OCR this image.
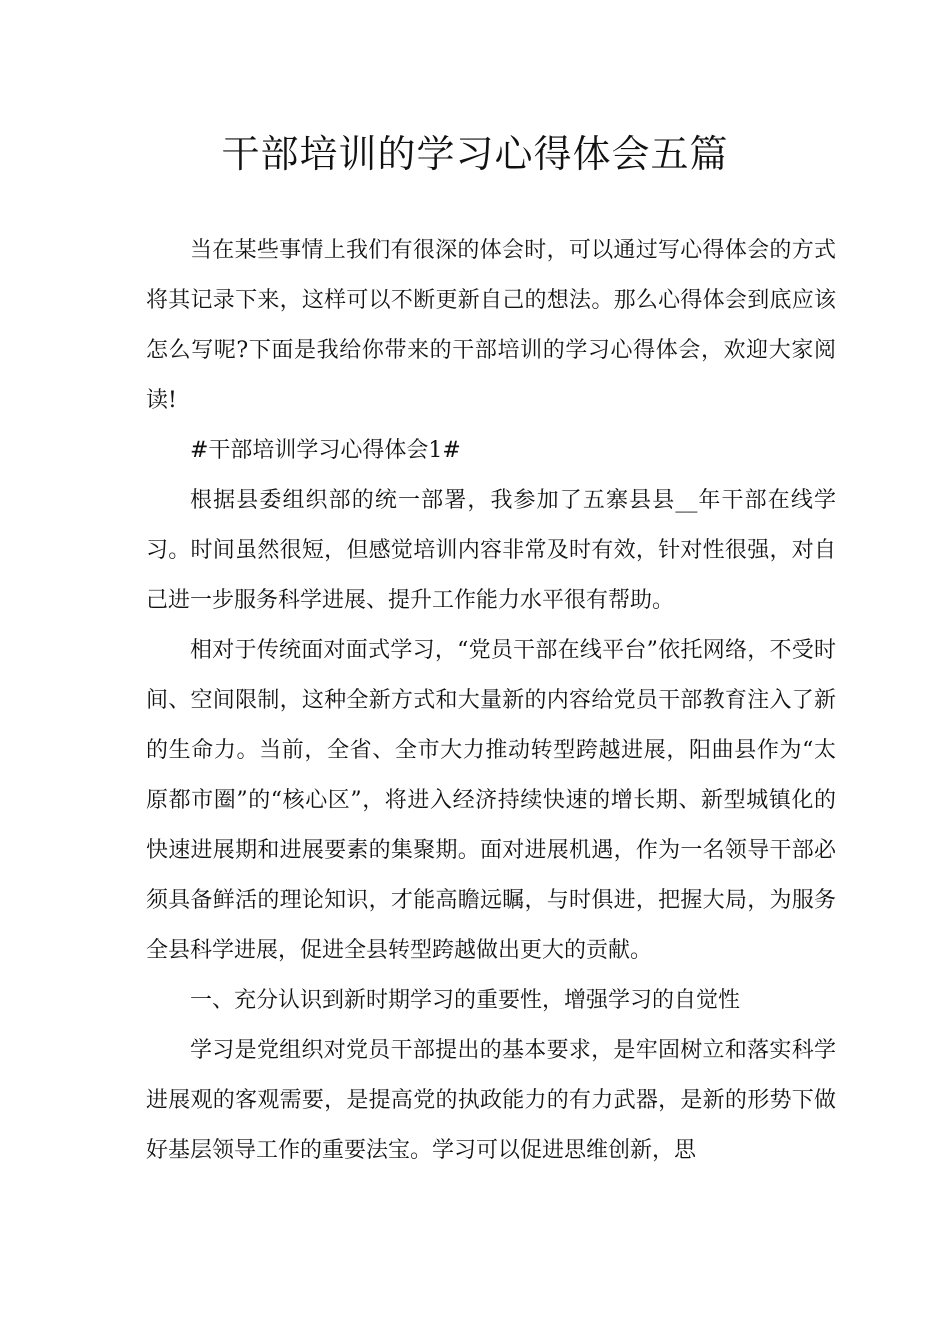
干部培训的学习心得体会五篇

当在某些事情上我们有很深的体会时，可以通过写心得体会的方式将其记录下来，这样可以不断更新自己的想法。那么心得体会到底应该怎么写呢?下面是我给你带来的干部培训的学习心得体会，欢迎大家阅读!

#干部培训学习心得体会1#

根据县委组织部的统一部署，我参加了五寨县县__年干部在线学习。时间虽然很短，但感觉培训内容非常及时有效，针对性很强，对自己进一步服务科学进展、提升工作能力水平很有帮助。

相对于传统面对面式学习，“党员干部在线平台”依托网络，不受时间、空间限制，这种全新方式和大量新的内容给党员干部教育注入了新的生命力。当前，全省、全市大力推动转型跨越进展，阳曲县作为“太原都市圈”的“核心区”，将进入经济持续快速的增长期、新型城镇化的快速进展期和进展要素的集聚期。面对进展机遇，作为一名领导干部必须具备鲜活的理论知识，才能高瞻远瞩，与时俱进，把握大局，为服务全县科学进展，促进全县转型跨越做出更大的贡献。

一、充分认识到新时期学习的重要性，增强学习的自觉性

学习是党组织对党员干部提出的基本要求，是牢固树立和落实科学进展观的客观需要，是提高党的执政能力的有力武器，是新的形势下做好基层领导工作的重要法宝。学习可以促进思维创新，思
